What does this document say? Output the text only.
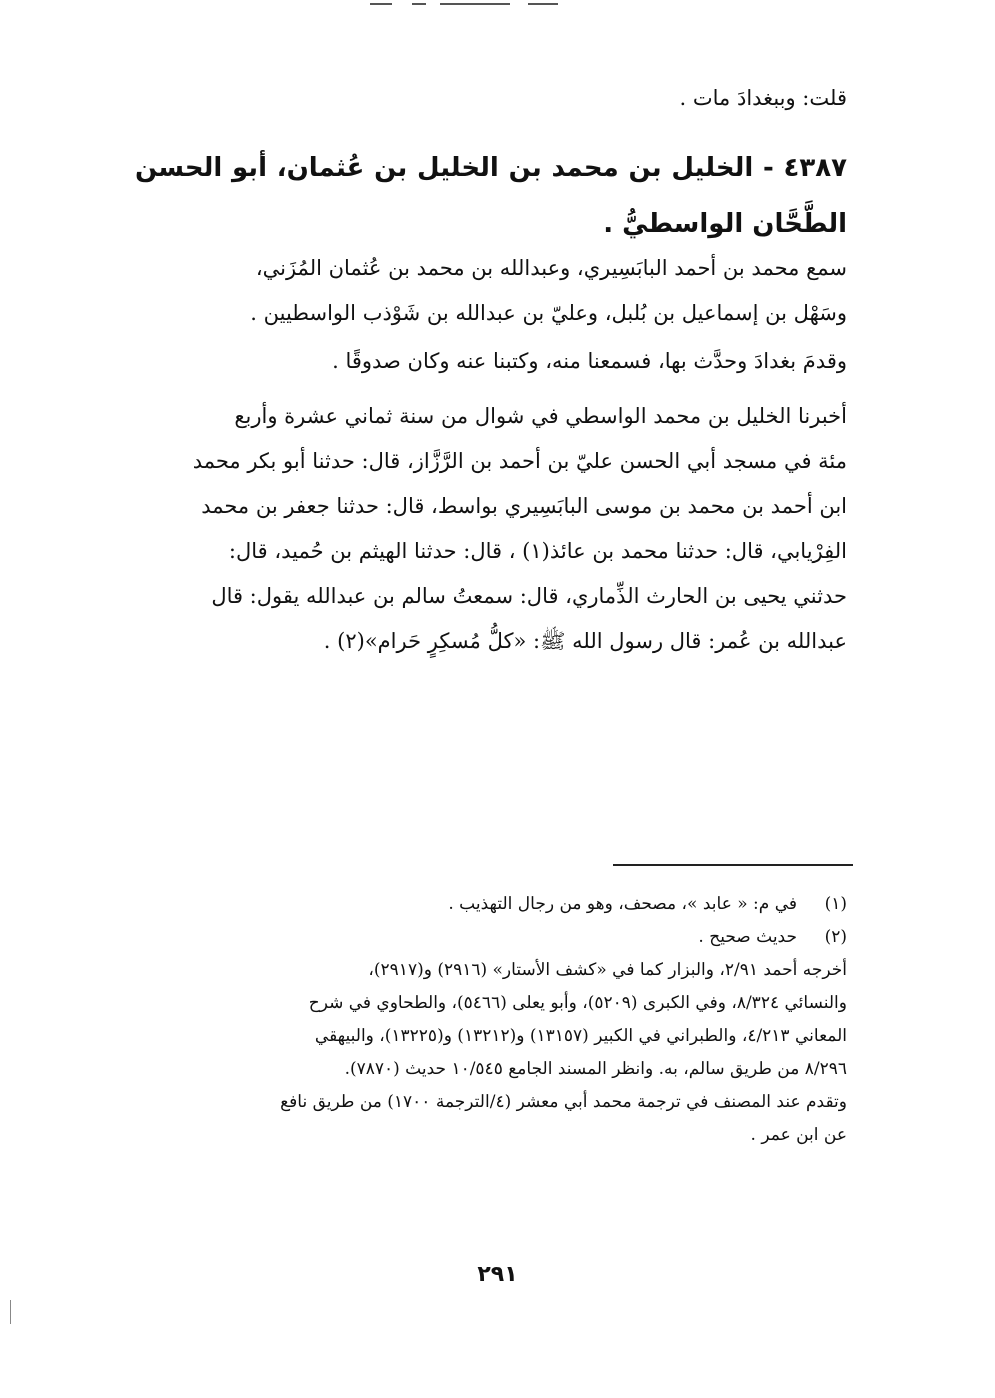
قلت: وببغدادَ مات .
٤٣٨٧ - الخليل بن محمد بن الخليل بن عُثمان، أبو الحسن الطَّحَّان الواسطيُّ .
سمع محمد بن أحمد البابَسِيري، وعبدالله بن محمد بن عُثمان المُزَني،
وسَهْل بن إسماعيل بن بُلبل، وعليّ بن عبدالله بن شَوْذب الواسطيين .
وقدمَ بغدادَ وحدَّث بها، فسمعنا منه، وكتبنا عنه وكان صدوقًا .
أخبرنا الخليل بن محمد الواسطي في شوال من سنة ثماني عشرة وأربع
مئة في مسجد أبي الحسن عليّ بن أحمد بن الرَّزَّاز، قال: حدثنا أبو بكر محمد
ابن أحمد بن محمد بن موسى البابَسِيري بواسط، قال: حدثنا جعفر بن محمد
الفِرْيابي، قال: حدثنا محمد بن عائذ(١) ، قال: حدثنا الهيثم بن حُميد، قال:
حدثني يحيى بن الحارث الذِّماري، قال: سمعتُ سالم بن عبدالله يقول: قال
عبدالله بن عُمر: قال رسول الله ﷺ: «كلُّ مُسكِرٍ حَرام»(٢) .
(١)في م: « عابد »، مصحف، وهو من رجال التهذيب .
(٢)حديث صحيح .
أخرجه أحمد ٢/٩١، والبزار كما في «كشف الأستار» (٢٩١٦) و(٢٩١٧)،
والنسائي ٨/٣٢٤، وفي الكبرى (٥٢٠٩)، وأبو يعلى (٥٤٦٦)، والطحاوي في شرح
المعاني ٤/٢١٣، والطبراني في الكبير (١٣١٥٧) و(١٣٢١٢) و(١٣٢٢٥)، والبيهقي
٨/٢٩٦ من طريق سالم، به. وانظر المسند الجامع ١٠/٥٤٥ حديث (٧٨٧٠).
وتقدم عند المصنف في ترجمة محمد أبي معشر (٤/الترجمة ١٧٠٠) من طريق نافع
عن ابن عمر .
٢٩١
